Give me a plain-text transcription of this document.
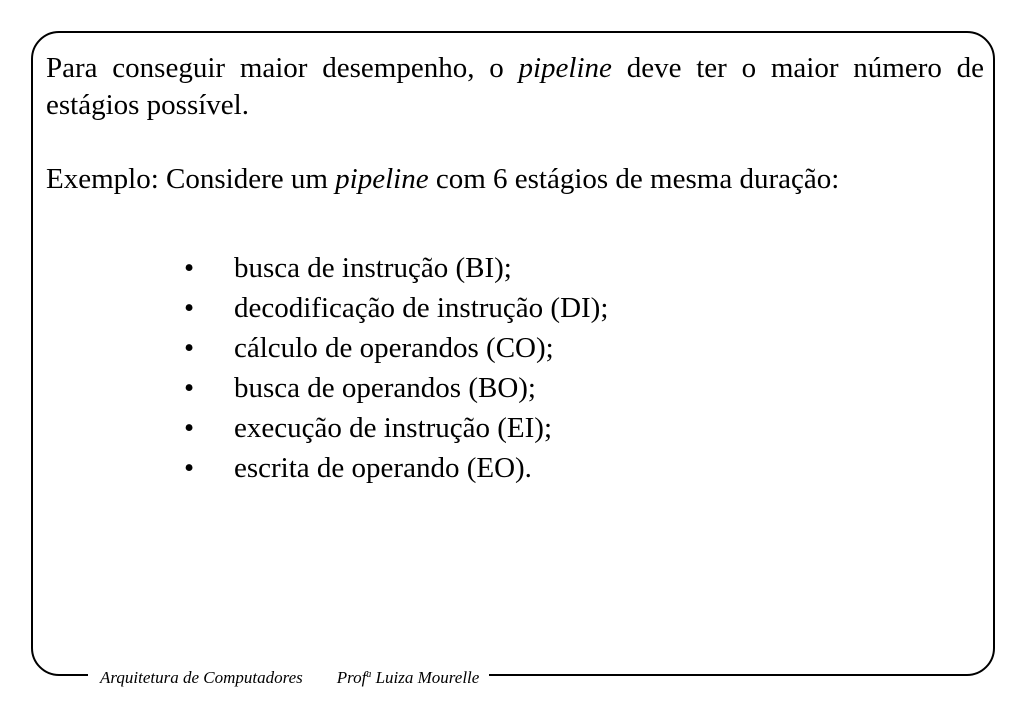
Para conseguir maior desempenho, o pipeline deve ter o maior número de estágios possível.

Exemplo: Considere um pipeline com 6 estágios de mesma duração:

• busca de instrução (BI);
• decodificação de instrução (DI);
• cálculo de operandos (CO);
• busca de operandos (BO);
• execução de instrução (EI);
• escrita de operando (EO).
Arquitetura de Computadores Prof$^a$ Luiza Mourelle
